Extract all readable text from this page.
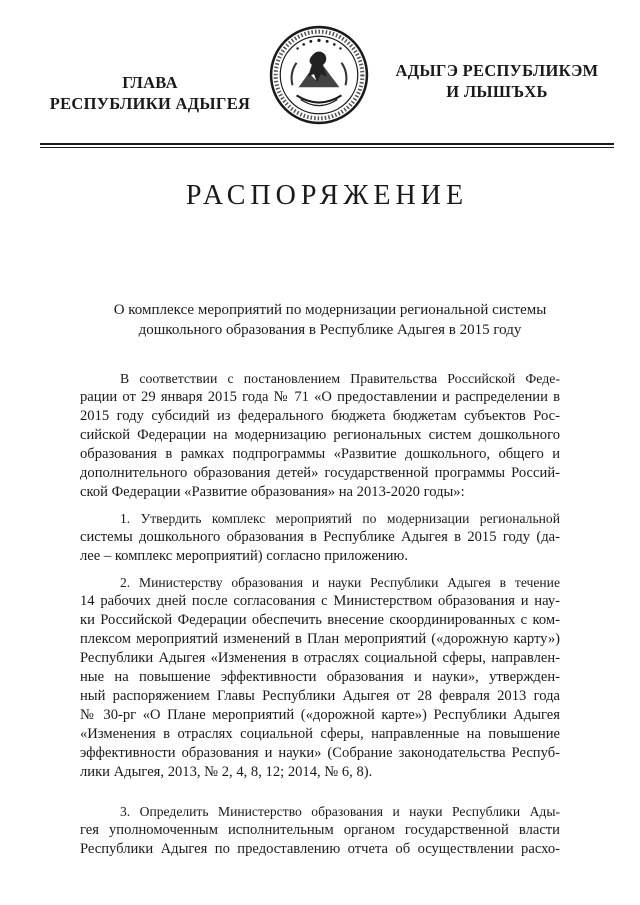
ГЛАВА
РЕСПУБЛИКИ АДЫГЕЯ
АДЫГЭ РЕСПУБЛИКЭМ
И ЛЫШЪХЬ
РАСПОРЯЖЕНИЕ
О комплексе мероприятий по модернизации региональной системы
дошкольного образования в Республике Адыгея в 2015 году
В соответствии с постановлением Правительства Российской Феде-
рации от 29 января 2015 года № 71 «О предоставлении и распределении в
2015 году субсидий из федерального бюджета бюджетам субъектов Рос-
сийской Федерации на модернизацию региональных систем дошкольного
образования в рамках подпрограммы «Развитие дошкольного, общего и
дополнительного образования детей» государственной программы Россий-
ской Федерации «Развитие образования» на 2013-2020 годы»:
1. Утвердить комплекс мероприятий по модернизации региональной
системы дошкольного образования в Республике Адыгея в 2015 году (да-
лее – комплекс мероприятий) согласно приложению.
2. Министерству образования и науки Республики Адыгея в течение
14 рабочих дней после согласования с Министерством образования и нау-
ки Российской Федерации обеспечить внесение скоординированных с ком-
плексом мероприятий изменений в План мероприятий («дорожную карту»)
Республики Адыгея «Изменения в отраслях социальной сферы, направлен-
ные на повышение эффективности образования и науки», утвержден-
ный распоряжением Главы Республики Адыгея от 28 февраля 2013 года
№ 30-рг «О Плане мероприятий («дорожной карте») Республики Адыгея
«Изменения в отраслях социальной сферы, направленные на повышение
эффективности образования и науки» (Собрание законодательства Респуб-
лики Адыгея, 2013, № 2, 4, 8, 12; 2014, № 6, 8).
3. Определить Министерство образования и науки Республики Ады-
гея уполномоченным исполнительным органом государственной власти
Республики Адыгея по предоставлению отчета об осуществлении расхо-
